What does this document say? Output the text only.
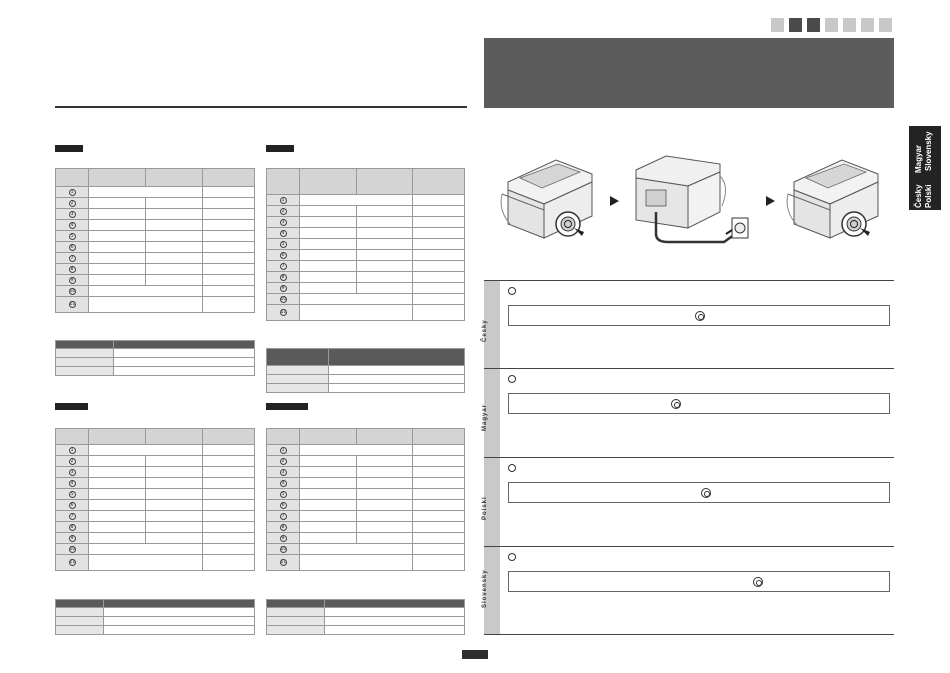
1			
2			
3			
4			
5			
6			
7			
8			
9			
10			
11			

1			
2			
3			
4			
5			
6			
7			
8			
9			
10			
11			

1			
2			
3			
4			
5			
6			
7			
8			
9			
10			
11			

1			
2			
3			
4			
5			
6			
7			
8			
9			
10			
11			

Magyar Slovensky
Česky Polski
Česky
Magyar
Polski
Slovensky
